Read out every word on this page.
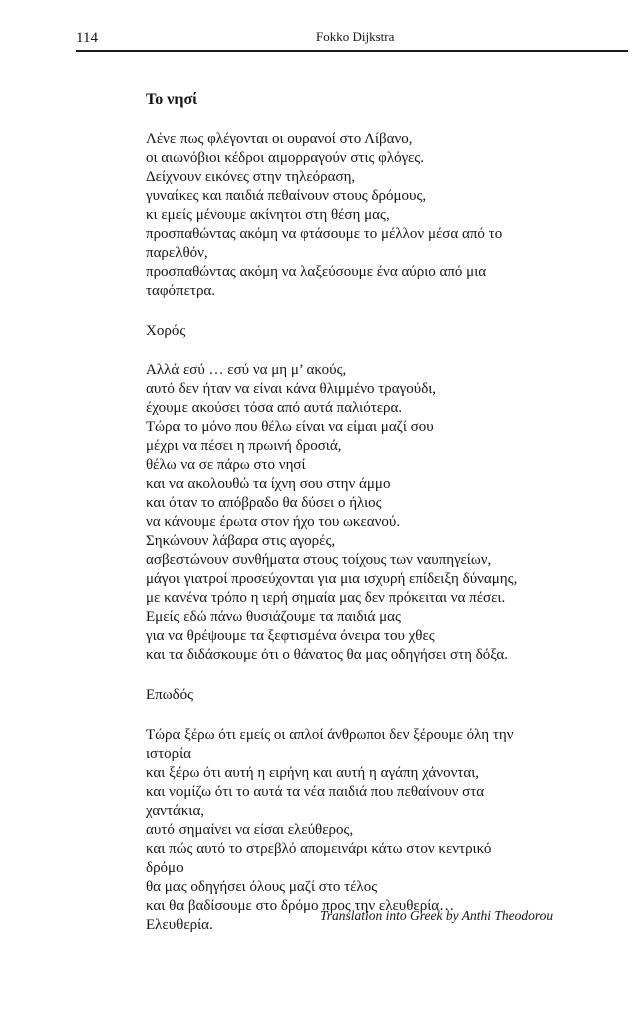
114	Fokko Dijkstra
Το νησί
Λένε πως φλέγονται οι ουρανοί στο Λίβανο,
οι αιωνόβιοι κέδροι αιμορραγούν στις φλόγες.
Δείχνουν εικόνες στην τηλεόραση,
γυναίκες και παιδιά πεθαίνουν στους δρόμους,
κι εμείς μένουμε ακίνητοι στη θέση μας,
προσπαθώντας ακόμη να φτάσουμε το μέλλον μέσα από το
παρελθόν,
προσπαθώντας ακόμη να λαξεύσουμε ένα αύριο από μια
ταφόπετρα.
Χορός
Αλλά εσύ … εσύ να μη μ’ ακούς,
αυτό δεν ήταν να είναι κάνα θλιμμένο τραγούδι,
έχουμε ακούσει τόσα από αυτά παλιότερα.
Τώρα το μόνο που θέλω είναι να είμαι μαζί σου
μέχρι να πέσει η πρωινή δροσιά,
θέλω να σε πάρω στο νησί
και να ακολουθώ τα ίχνη σου στην άμμο
και όταν το απόβραδο θα δύσει ο ήλιος
να κάνουμε έρωτα στον ήχο του ωκεανού.
Σηκώνουν λάβαρα στις αγορές,
ασβεστώνουν συνθήματα στους τοίχους των ναυπηγείων,
μάγοι γιατροί προσεύχονται για μια ισχυρή επίδειξη δύναμης,
με κανένα τρόπο η ιερή σημαία μας δεν πρόκειται να πέσει.
Εμείς εδώ πάνω θυσιάζουμε τα παιδιά μας
για να θρέψουμε τα ξεφτισμένα όνειρα του χθες
και τα διδάσκουμε ότι ο θάνατος θα μας οδηγήσει στη δόξα.
Επωδός
Τώρα ξέρω ότι εμείς οι απλοί άνθρωποι δεν ξέρουμε όλη την
ιστορία
και ξέρω ότι αυτή η ειρήνη και αυτή η αγάπη χάνονται,
και νομίζω ότι το αυτά τα νέα παιδιά που πεθαίνουν στα
χαντάκια,
αυτό σημαίνει να είσαι ελεύθερος,
και πώς αυτό το στρεβλό απομεινάρι κάτω στον κεντρικό
δρόμο
θα μας οδηγήσει όλους μαζί στο τέλος
και θα βαδίσουμε στο δρόμο προς την ελευθερία…
Ελευθερία.
Translation into Greek by Anthi Theodorou
